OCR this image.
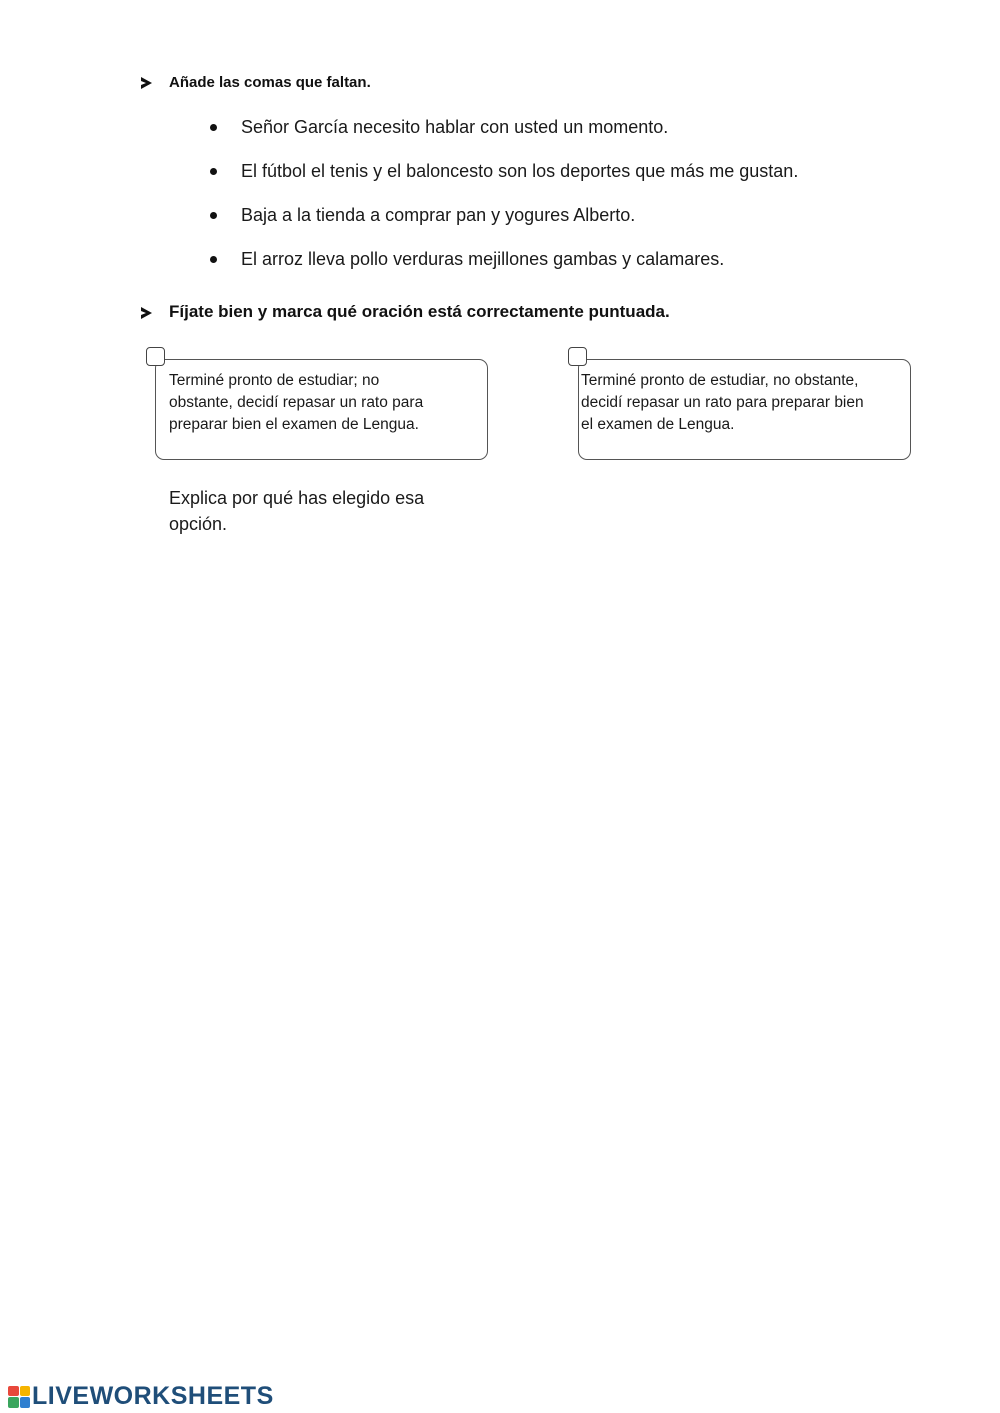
Añade las comas que faltan.
Señor García necesito hablar con usted un momento.
El fútbol el tenis y el baloncesto son los deportes que más me gustan.
Baja a la tienda a comprar pan y yogures Alberto.
El arroz lleva pollo verduras mejillones gambas y calamares.
Fíjate bien y marca qué oración está correctamente puntuada.
Terminé pronto de estudiar; no
obstante, decidí repasar un rato para
preparar bien el examen de Lengua.
Terminé pronto de estudiar, no obstante,
decidí repasar un rato para preparar bien
el examen de Lengua.
Explica por qué has elegido esa
opción.
LIVEWORKSHEETS
